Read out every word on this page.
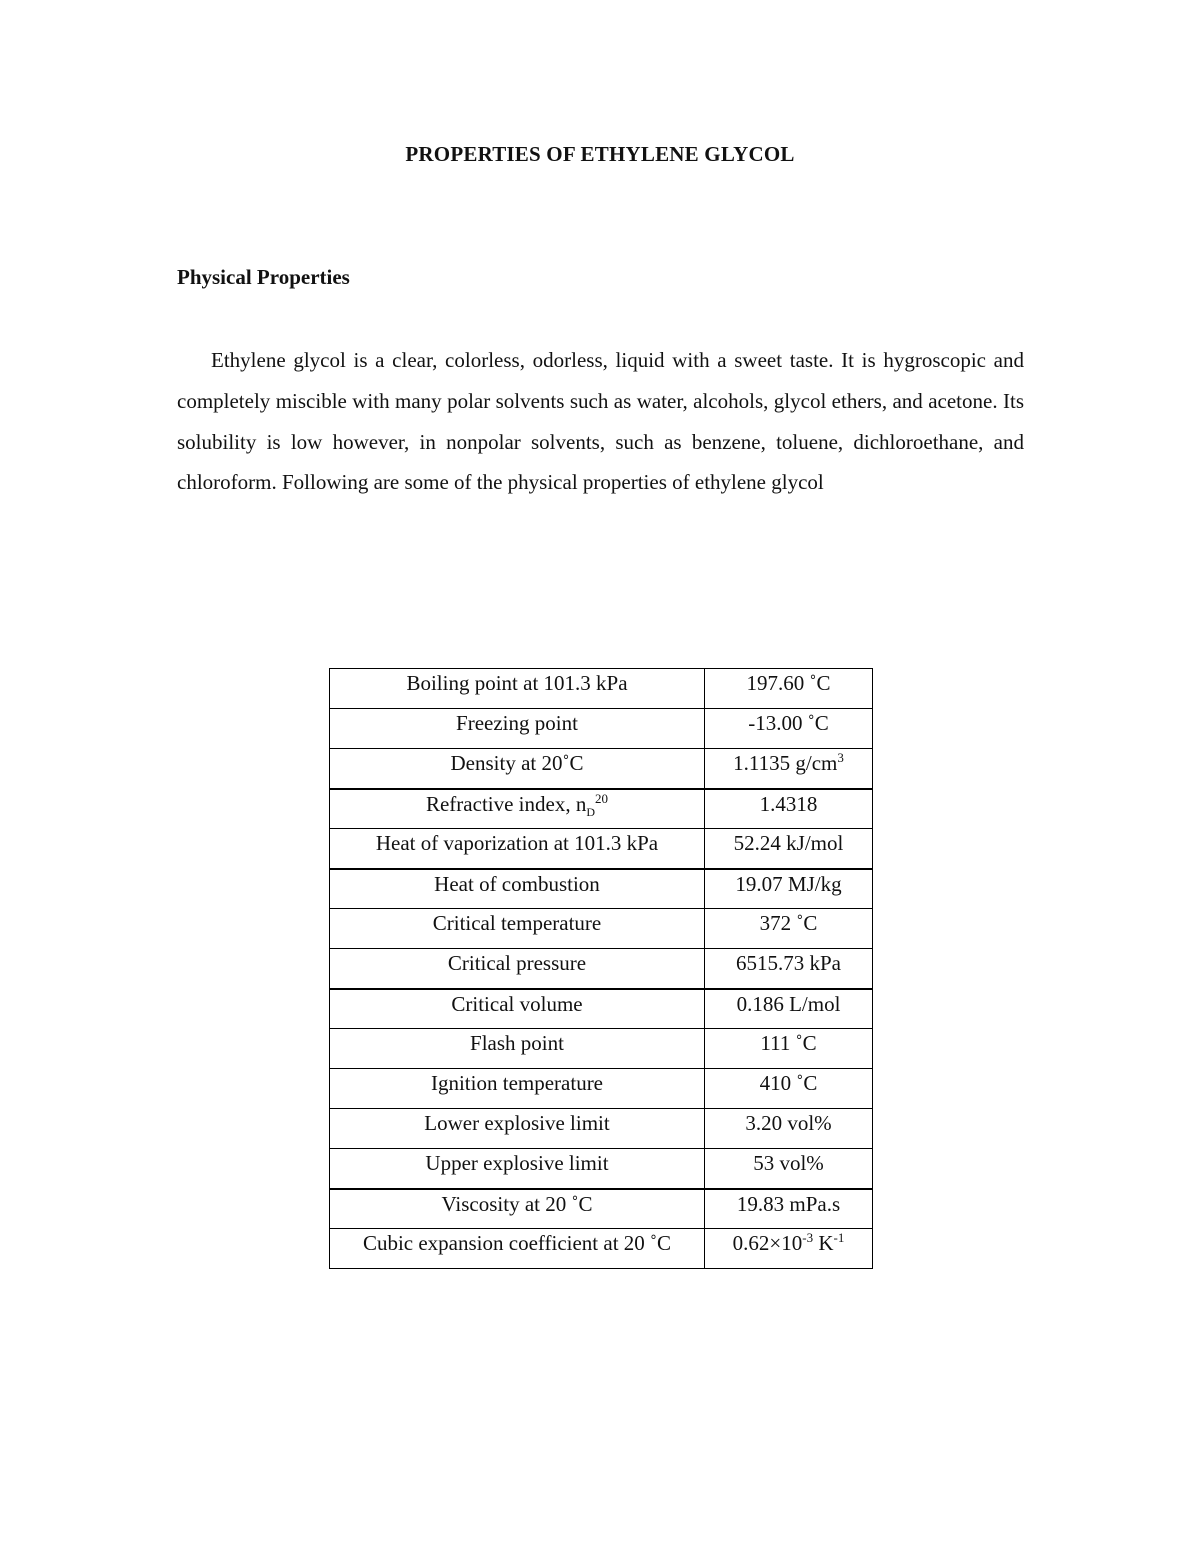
PROPERTIES OF ETHYLENE GLYCOL
Physical Properties

Ethylene glycol is a clear, colorless, odorless, liquid with a sweet taste. It is hygroscopic and completely miscible with many polar solvents such as water, alcohols, glycol ethers, and acetone. Its solubility is low however, in nonpolar solvents, such as benzene, toluene, dichloroethane, and chloroform. Following are some of the physical properties of ethylene glycol

Boiling point at 101.3 kPa	197.60 ˚C
Freezing point	-13.00 ˚C
Density at 20˚C	1.1135 $g/cm^3$
Refractive index, $n_D^{20}$	1.4318
Heat of vaporization at 101.3 kPa	52.24 kJ/mol
Heat of combustion	19.07 MJ/kg
Critical temperature	372 ˚C
Critical pressure	6515.73 kPa
Critical volume	0.186 L/mol
Flash point	111 ˚C
Ignition temperature	410 ˚C
Lower explosive limit	3.20 vol%
Upper explosive limit	53 vol%
Viscosity at 20 ˚C	19.83 mPa.s
Cubic expansion coefficient at 20 ˚C	$0.62\times 10^{-3}$ $K^{-1}$
